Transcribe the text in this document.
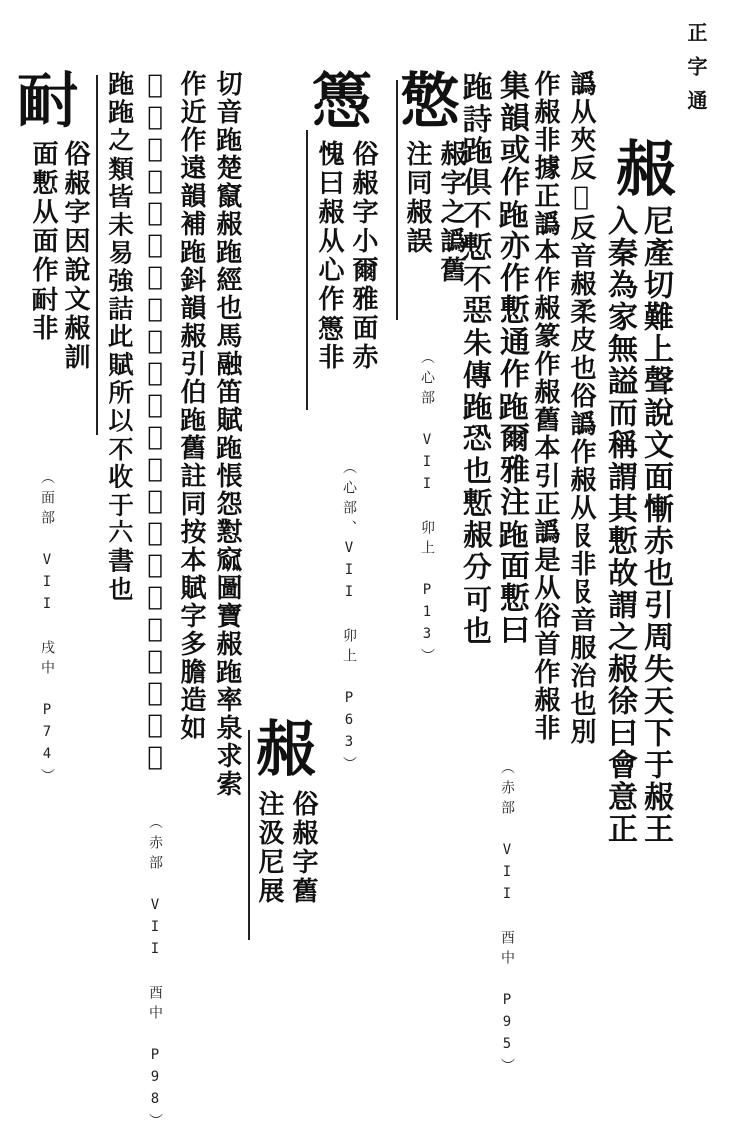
正字通
赧
尼產切難上聲說文面慚赤也引周失天下于赧王
入秦為家無謚而稱謂其慙故謂之赧徐曰會意正
譌从夾反𡴀反音赧柔皮也俗譌作赧从𠬝非𠬝音服治也別
作赧非據正譌本作赧篆作赧舊本引正譌是从俗首作赧非
集韻或作𧿶亦作慙通作𧿶爾雅注𧿶面慙曰
𧿶詩𧿶俱不慙不惡朱傳𧿶恐也慙赧分可也
（赤部 VII 酉中 P95）
憼
赧字之譌舊
注同赧誤
（心部 VII 卯上 P13）
𢤷
俗赧字小爾雅面赤
愧曰赧从心作𢤷非
（心部、VII 卯上 P63）
赧
俗赧字舊
注汲尼展
（赤部 VII 酉中 P98）
切音𧿶楚竄赧𧿶經也馬融笛賦𧿶悵怨懟窳圖寶赧𧿶率泉求索
作近作遠韻補𧿶鈄韻赧引伯𧿶舊註同按本賦字多膽造如
𢉍猶顔𢉍唪窮曠𢉍𧿶畯𧿶𧿶出𧿶𧿶虑𧿶芴𧿶縣𧿶緑
𧿶𧿶之類皆未易強詰此賦所以不收于六書也
𩈃
俗赧字因說文赧訓
面慙从面作𩈃非
（面部 VII 戌中 P74）
